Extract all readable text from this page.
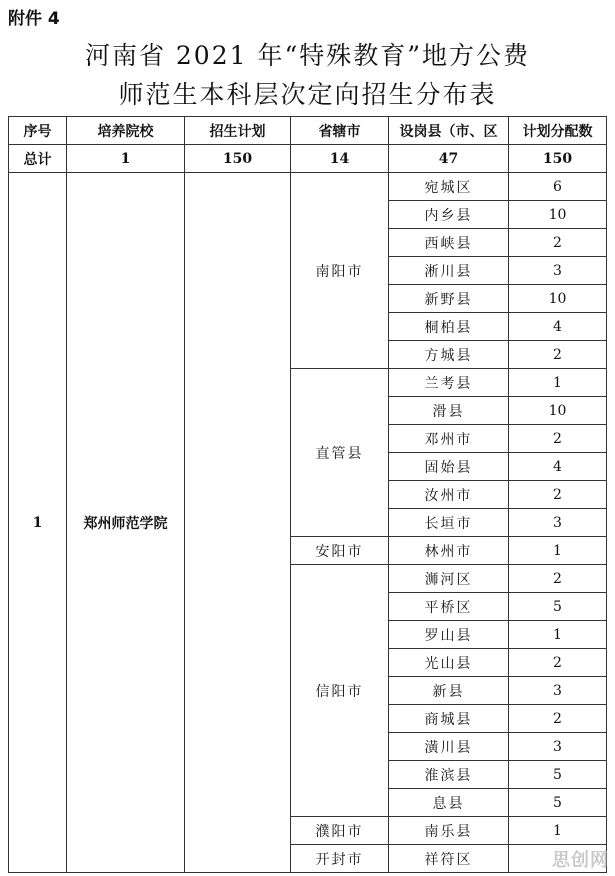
附件 4
河南省 2021 年“特殊教育”地方公费
师范生本科层次定向招生分布表
序号	培养院校	招生计划	省辖市	设岗县（市、区	计划分配数
总计	1	150	14	47	150
1	郑州师范学院		南阳市	宛城区	6
				内乡县	10
				西峡县	2
				淅川县	3
				新野县	10
				桐柏县	4
				方城县	2
			直管县	兰考县	1
				滑县	10
				邓州市	2
				固始县	4
				汝州市	2
				长垣市	3
			安阳市	林州市	1
			信阳市	浉河区	2
				平桥区	5
				罗山县	1
				光山县	2
				新县	3
				商城县	2
				潢川县	3
				淮滨县	5
				息县	5
			濮阳市	南乐县	1
			开封市	祥符区		思创网
